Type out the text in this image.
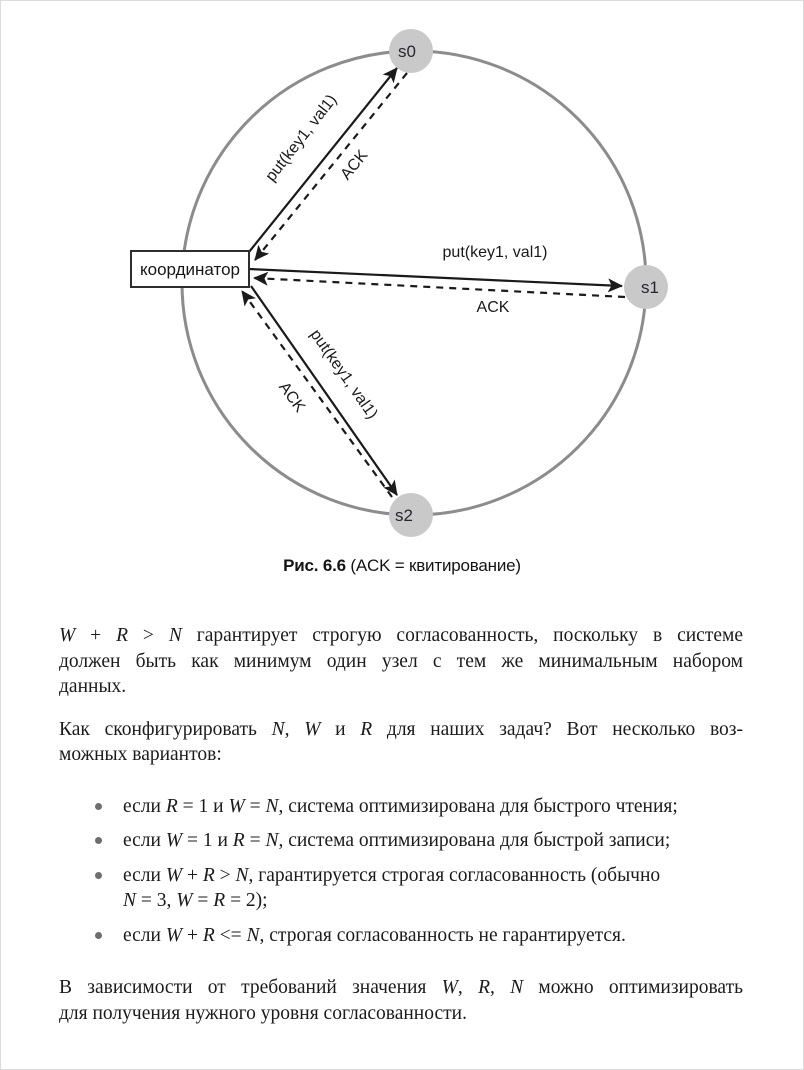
put(key1, val1)
ACK
put(key1, val1)
ACK
put(key1, val1)
ACK
координатор
s0
s1
s2
Рис. 6.6 (ACK = квитирование)

W + R > N гарантирует строгую согласованность, поскольку в системе
должен быть как минимум один узел с тем же минимальным набором
данных.

Как сконфигурировать N, W и R для наших задач? Вот несколько воз-
можных вариантов:

если R = 1 и W = N, система оптимизирована для быстрого чтения;
если W = 1 и R = N, система оптимизирована для быстрой записи;
если W + R > N, гарантируется строгая согласованность (обычно
N = 3, W = R = 2);
если W + R <= N, строгая согласованность не гарантируется.

В зависимости от требований значения W, R, N можно оптимизировать
для получения нужного уровня согласованности.
